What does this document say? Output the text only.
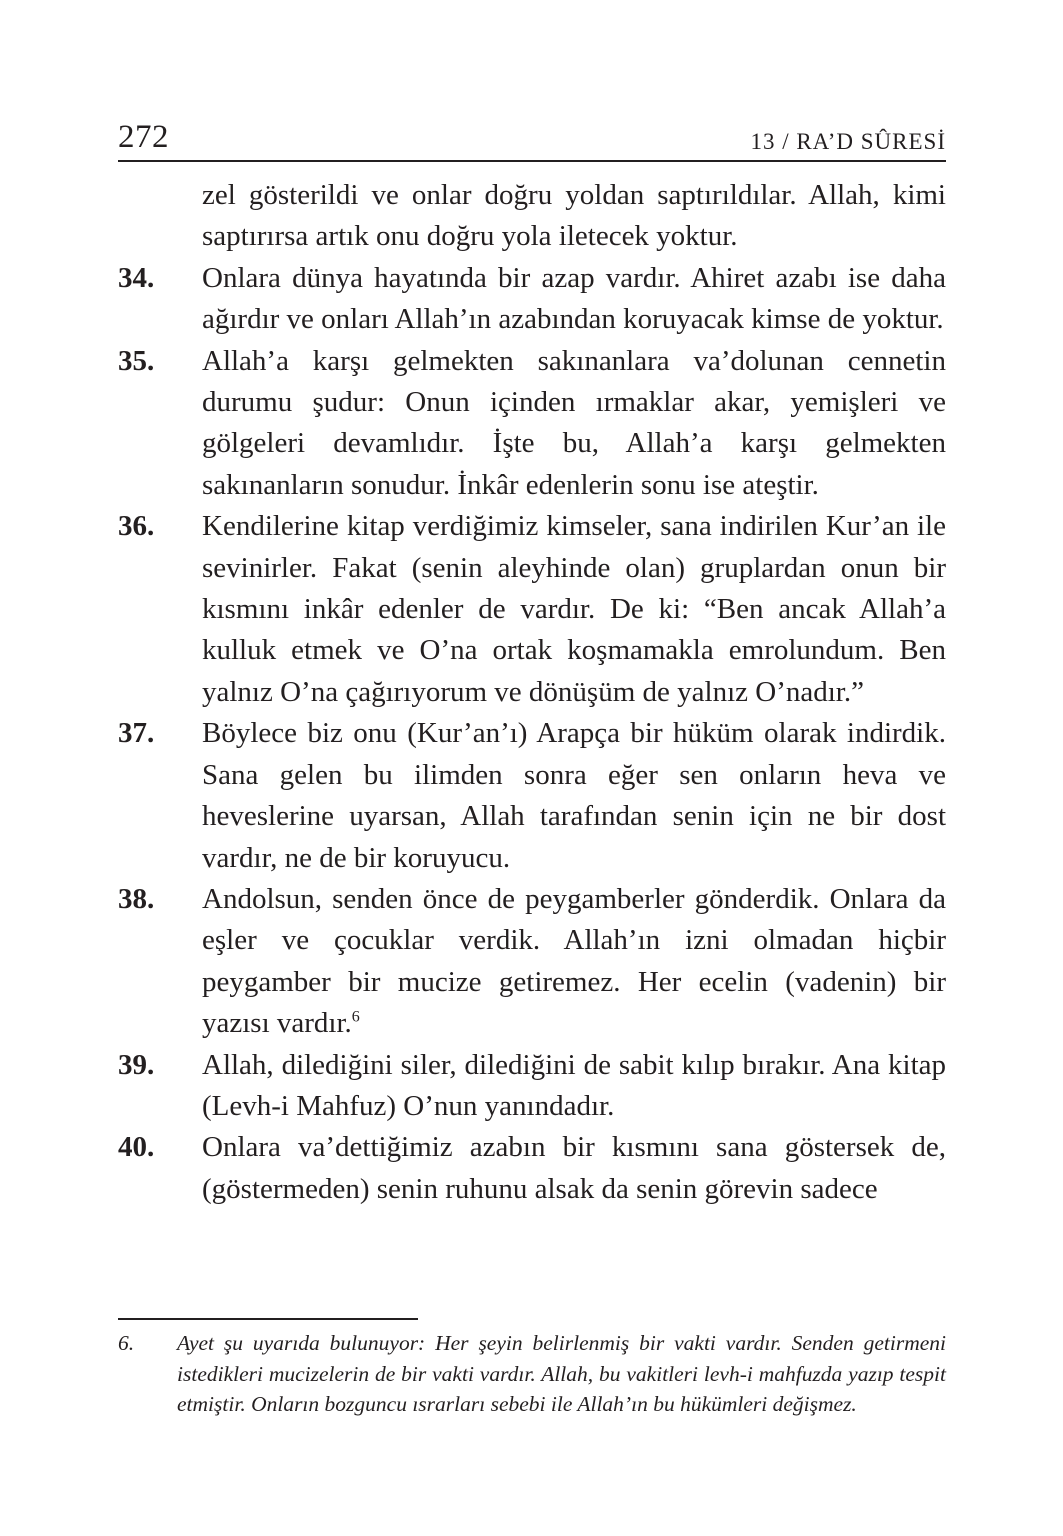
272	13 / RA’D SÛRESİ
zel gösterildi ve onlar doğru yoldan saptırıldılar. Allah, kimi saptırırsa artık onu doğru yola iletecek yoktur.
34. Onlara dünya hayatında bir azap vardır. Ahiret azabı ise daha ağırdır ve onları Allah’ın azabından koruyacak kimse de yoktur.
35. Allah’a karşı gelmekten sakınanlara va’dolunan cennetin durumu şudur: Onun içinden ırmaklar akar, yemişleri ve gölgeleri devamlıdır. İşte bu, Allah’a karşı gelmekten sakınanların sonudur. İnkâr edenlerin sonu ise ateştir.
36. Kendilerine kitap verdiğimiz kimseler, sana indirilen Kur’an ile sevinirler. Fakat (senin aleyhinde olan) gruplardan onun bir kısmını inkâr edenler de vardır. De ki: “Ben ancak Allah’a kulluk etmek ve O’na ortak koşmamakla emrolundum. Ben yalnız O’na çağırıyorum ve dönüşüm de yalnız O’nadır.”
37. Böylece biz onu (Kur’an’ı) Arapça bir hüküm olarak indirdik. Sana gelen bu ilimden sonra eğer sen onların heva ve heveslerine uyarsan, Allah tarafından senin için ne bir dost vardır, ne de bir koruyucu.
38. Andolsun, senden önce de peygamberler gönderdik. Onlara da eşler ve çocuklar verdik. Allah’ın izni olmadan hiçbir peygamber bir mucize getiremez. Her ecelin (vadenin) bir yazısı vardır.$^6$
39. Allah, dilediğini siler, dilediğini de sabit kılıp bırakır. Ana kitap (Levh-i Mahfuz) O’nun yanındadır.
40. Onlara va’dettiğimiz azabın bir kısmını sana göstersek de, (göstermeden) senin ruhunu alsak da senin görevin sadece
6.	Ayet şu uyarıda bulunuyor: Her şeyin belirlenmiş bir vakti vardır. Senden getirmeni istedikleri mucizelerin de bir vakti vardır. Allah, bu vakitleri levh-i mahfuzda yazıp tespit etmiştir. Onların bozguncu ısrarları sebebi ile Allah’ın bu hükümleri değişmez.
